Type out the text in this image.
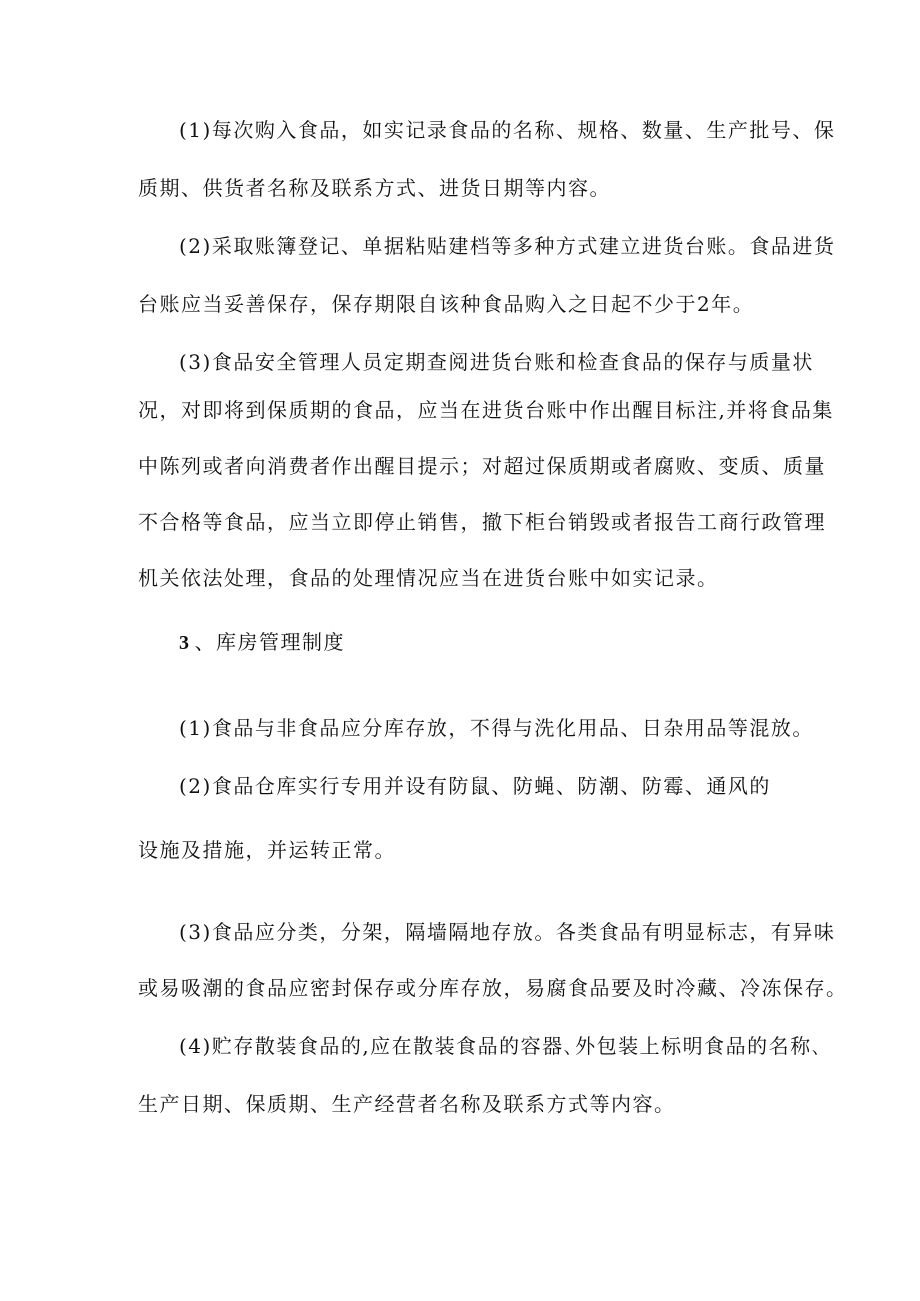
(1)每次购入食品，如实记录食品的名称、规格、数量、生产批号、保
质期、供货者名称及联系方式、进货日期等内容。
(2)采取账簿登记、单据粘贴建档等多种方式建立进货台账。食品进货
台账应当妥善保存，保存期限自该种食品购入之日起不少于2年。
(3)食品安全管理人员定期查阅进货台账和检查食品的保存与质量状
况，对即将到保质期的食品，应当在进货台账中作出醒目标注,并将食品集
中陈列或者向消费者作出醒目提示；对超过保质期或者腐败、变质、质量
不合格等食品，应当立即停止销售，撤下柜台销毁或者报告工商行政管理
机关依法处理，食品的处理情况应当在进货台账中如实记录。
3 、库房管理制度
(1)食品与非食品应分库存放，不得与洗化用品、日杂用品等混放。
(2)食品仓库实行专用并设有防鼠、防蝇、防潮、防霉、通风的
设施及措施，并运转正常。
(3)食品应分类，分架，隔墙隔地存放。各类食品有明显标志，有异味
或易吸潮的食品应密封保存或分库存放，易腐食品要及时冷藏、冷冻保存。
(4)贮存散装食品的,应在散装食品的容器､外包装上标明食品的名称､
生产日期、保质期、生产经营者名称及联系方式等内容。
